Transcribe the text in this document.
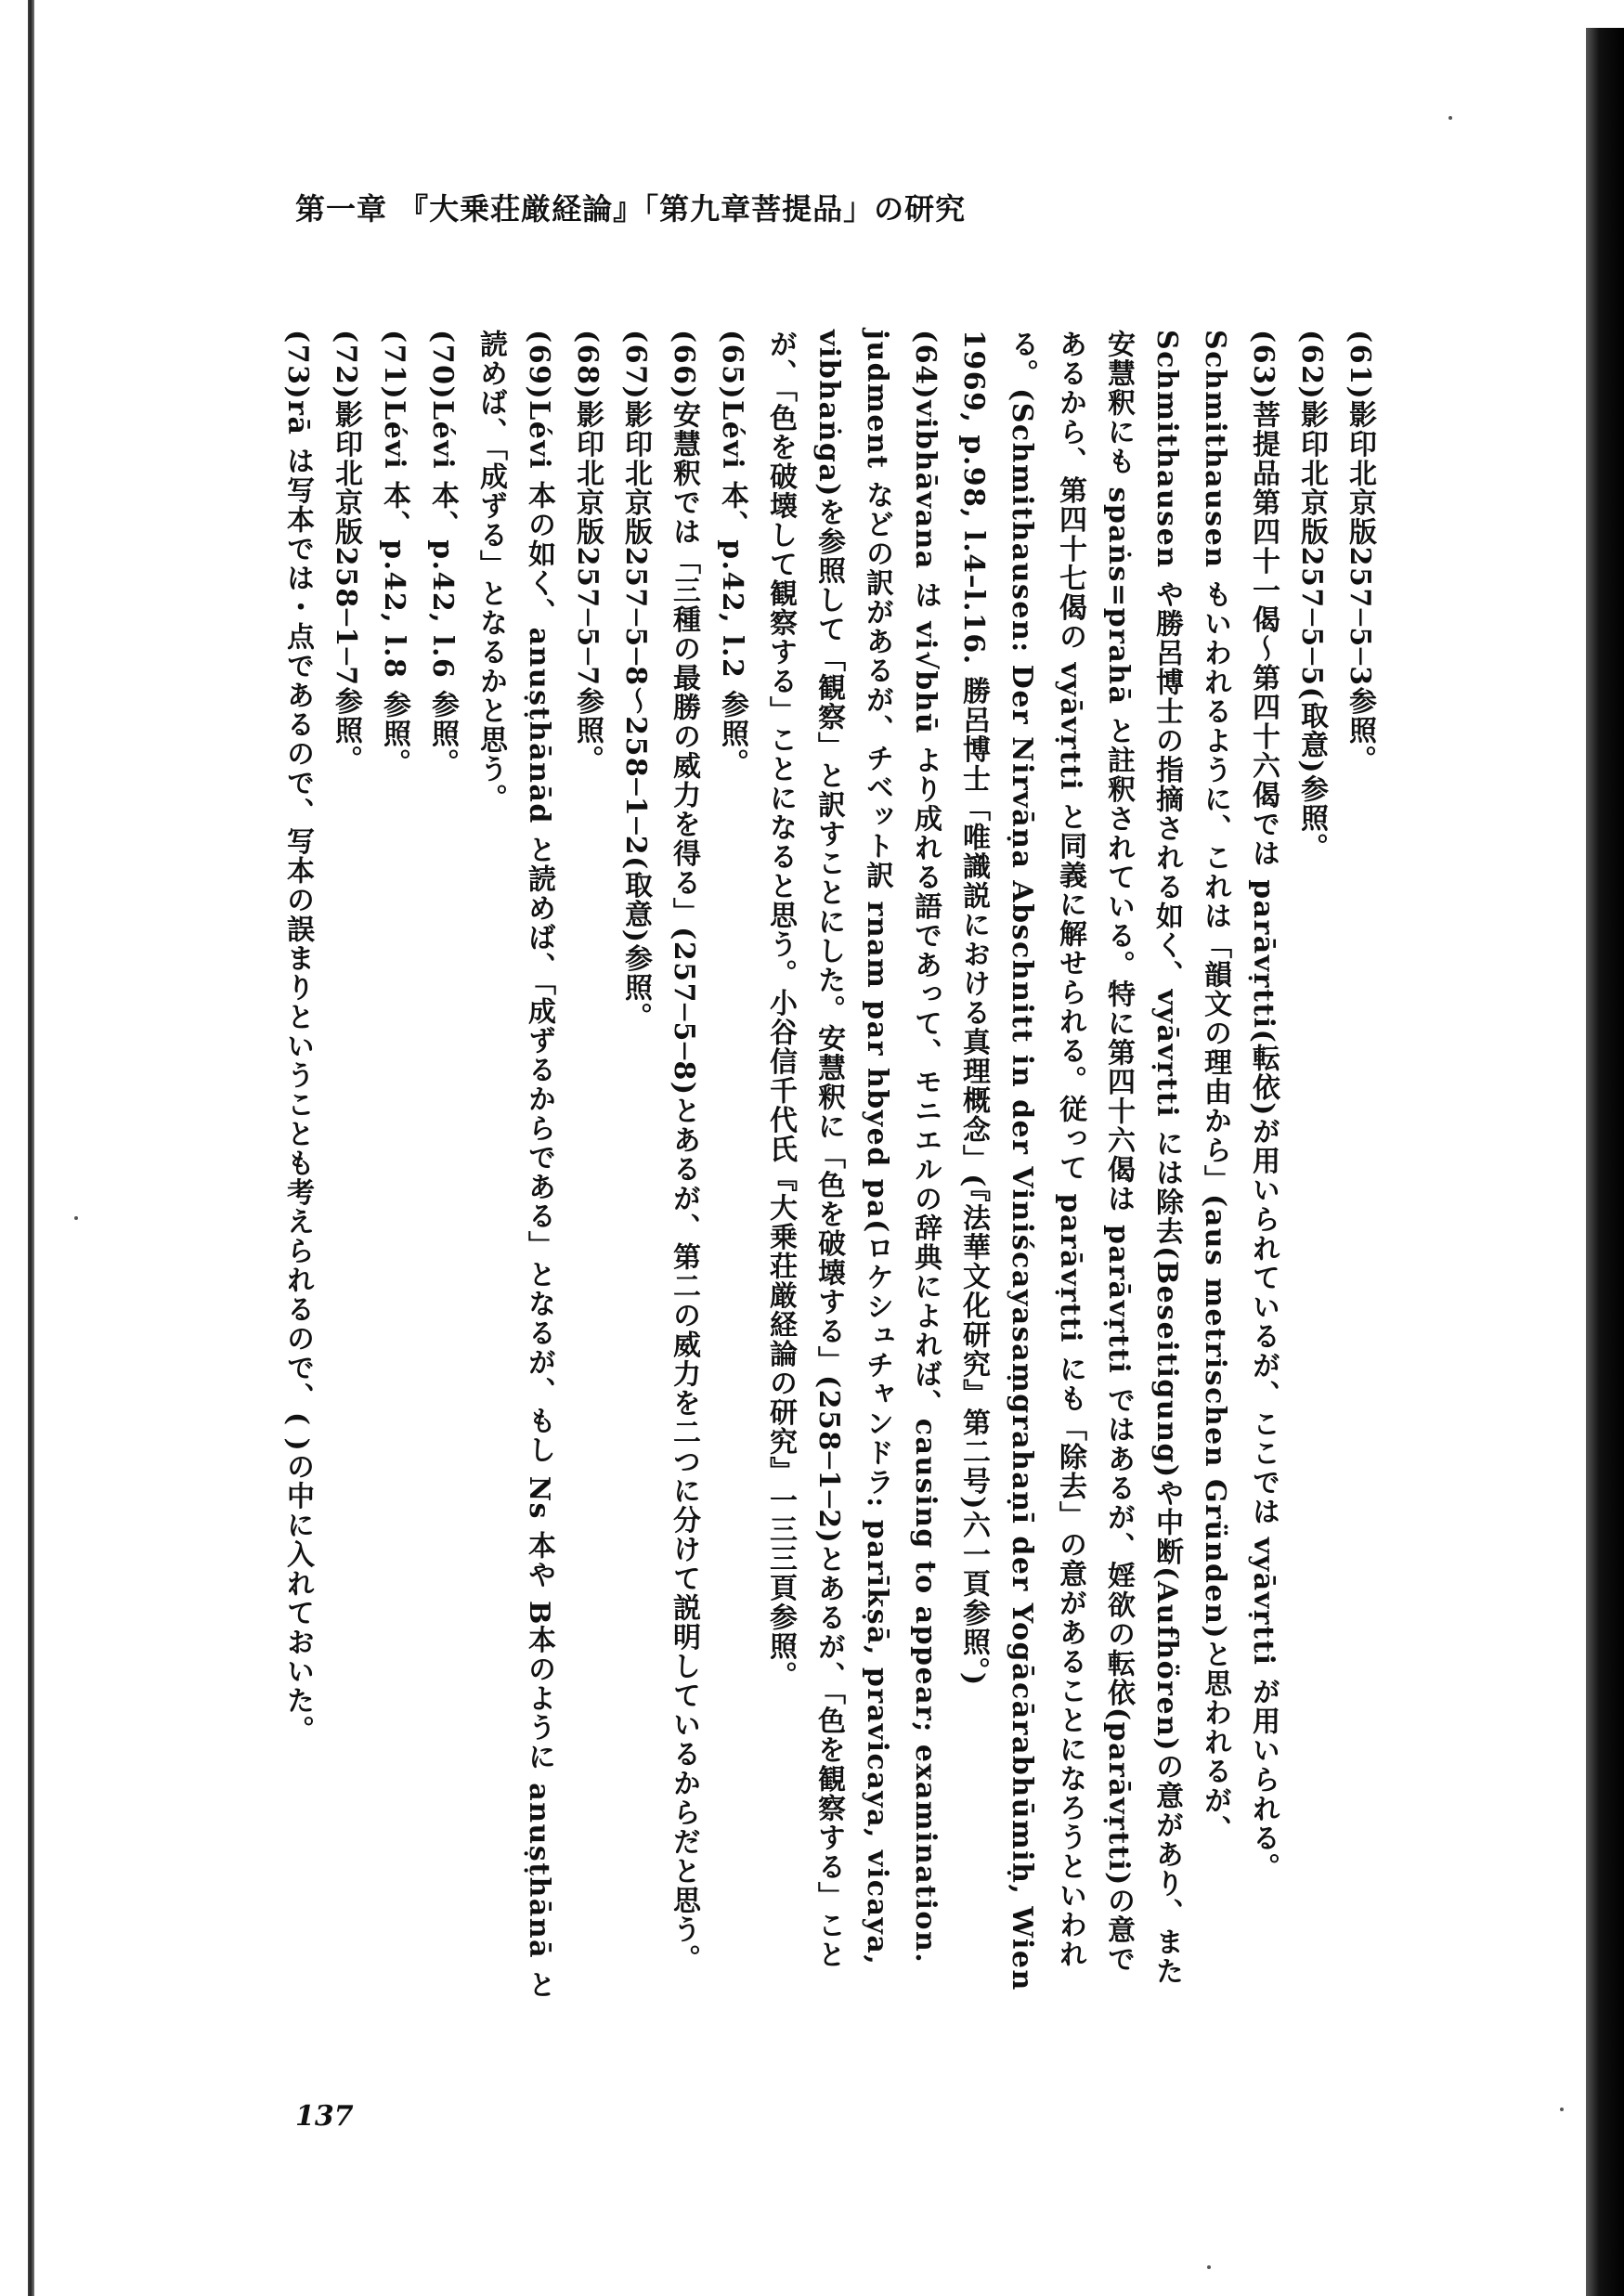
第一章 『大乗荘厳経論』「第九章菩提品」の研究
(61)影印北京版257─5─3参照。
(62)影印北京版257─5─5(取意)参照。
(63)菩提品第四十一偈〜第四十六偈では parāvṛtti(転依)が用いられているが、ここでは vyāvṛtti が用いられる。Schmithausen もいわれるように、これは「韻文の理由から」(aus metrischen Gründen)と思われるが、Schmithausen や勝呂博士の指摘される如く、vyāvṛtti には除去(Beseitigung)や中断(Aufhören)の意があり、また安慧釈にも spaṅs=prahā と註釈されている。特に第四十六偈は parāvṛtti ではあるが、婬欲の転依(parāvṛtti)の意であるから、第四十七偈の vyāvṛtti と同義に解せられる。従って parāvṛtti にも「除去」の意があることになろうといわれる。(Schmithausen: Der Nirvāṇa Abschnitt in der Viniścayasaṃgrahaṇī der Yogācārabhūmiḥ, Wien 1969, p.98, l.4–l.16. 勝呂博士「唯識説における真理概念」(『法華文化研究』第二号)六一頁参照。)
(64)vibhāvana は vi√bhū より成れる語であって、モニエルの辞典によれば、causing to appear; examination. judment などの訳があるが、チベット訳 rnam par hbyed pa(ロケシュチャンドラ: parīkṣā, pravicaya, vicaya, vibhaṅga)を参照して「観察」と訳すことにした。安慧釈に「色を破壊する」(258─1─2)とあるが、「色を観察する」ことが、「色を破壊して観察する」ことになると思う。小谷信千代氏『大乗荘厳経論の研究』一三三頁参照。
(65)Lévi 本、p.42, l.2 参照。
(66)安慧釈では「三種の最勝の威力を得る」(257─5─8)とあるが、第二の威力を二つに分けて説明しているからだと思う。
(67)影印北京版257─5─8〜258─1─2(取意)参照。
(68)影印北京版257─5─7参照。
(69)Lévi 本の如く、anuṣṭhānād と読めば、「成ずるからである」となるが、もし Ns 本や B本のように anuṣṭhānā と読めば、「成ずる」となるかと思う。
(70)Lévi 本、p.42, l.6 参照。
(71)Lévi 本、p.42, l.8 参照。
(72)影印北京版258─1─7参照。
(73)rā は写本では・点であるので、写本の誤まりということも考えられるので、( )の中に入れておいた。
137
